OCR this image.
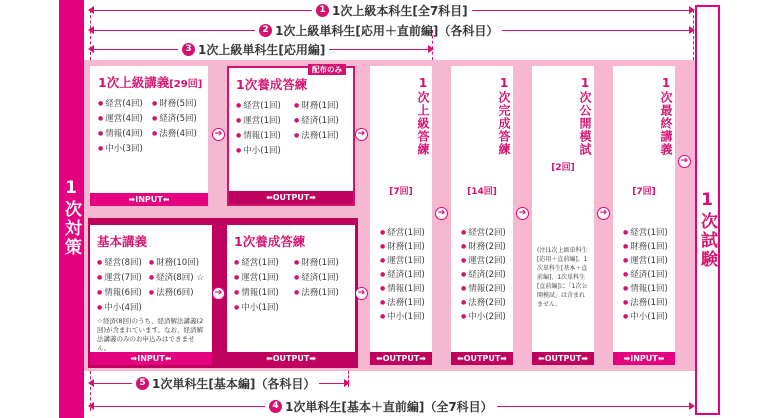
1次対策	1次試験
1 1次上級本科生[全7科目]
2 1次上級単科生[応用＋直前編]（各科目）
3 1次上級単科生[応用編]
1次上級講義[29回]
● 経営(4回)	● 財務(5回)
● 運営(4回)	● 経済(5回)
● 情報(4回)	● 法務(4回)
● 中小(3回)
➡INPUT⬅
1次養成答練
● 経営(1回)	● 財務(1回)
● 運営(1回)	● 経済(1回)
● 情報(1回)	● 法務(1回)
● 中小(1回)
⬅OUTPUT➡
配布のみ
基本講義
● 経営(8回)	● 財務(10回)
● 運営(7回)	● 経済(8回) ☆
● 情報(6回)	● 法務(6回)
● 中小(4回)
☆経済(8回)のうち、経済解法講義(2回)が含まれています。なお、経済解法講義のみのお申込みはできません。
➡INPUT⬅
1次養成答練
● 経営(1回)	● 財務(1回)
● 運営(1回)	● 経済(1回)
● 情報(1回)	● 法務(1回)
● 中小(1回)
⬅OUTPUT➡
1次上級答練
[7回]
● 経営(1回)
● 財務(1回)
● 運営(1回)
● 経済(1回)
● 情報(1回)
● 法務(1回)
● 中小(1回)
⬅OUTPUT➡
1次完成答練
[14回]
● 経営(2回)
● 財務(2回)
● 運営(2回)
● 経済(2回)
● 情報(2回)
● 法務(2回)
● 中小(2回)
⬅OUTPUT➡
1次公開模試
[2回]
(注)1次上級単科生[応用＋直前編]、1次単科生[基本＋直前編]、1次単科生[直前編]に「1次公開模試」は含まれません。
⬅OUTPUT➡
1次最終講義
[7回]
● 経営(1回)
● 財務(1回)
● 運営(1回)
● 経済(1回)
● 情報(1回)
● 法務(1回)
● 中小(1回)
➡INPUT⬅
➔
➔
➔
➔
➔	➔	➔
➔
5 1次単科生[基本編]（各科目）
4 1次単科生[基本＋直前編]（全7科目）
